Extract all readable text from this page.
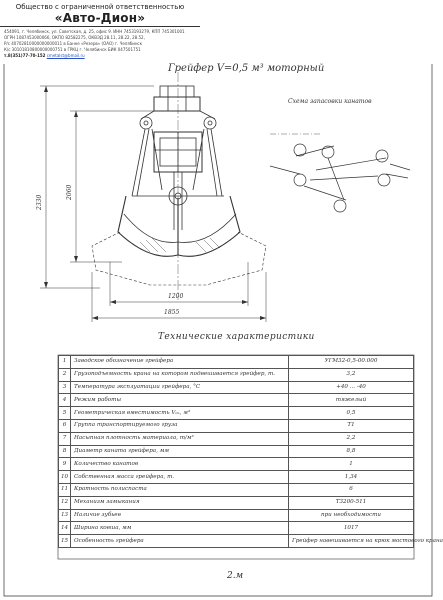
Общество с ограниченной ответственностью
«Авто-Дион»
454091, г. Челябинск, ул. Советская, д. 25, офис 9. ИНН 7453193279, КПП 745301001
ОГРН 1087453000066, ОКПО 82582275, ОКВЭД 28.11, 28.22, 28.52,
Р/с 40702810000000000011 в Банке «Резерв» (ОАО) г. Челябинск
К/с 30101810800000000751 в ГРКЦ г. Челябинск БИК 047501751
т.8(351)77-70-152 cmetalst@bmail.ru
Грейфер V=0,5 м³ моторный
Схема запасовки канатов
2330
2060
1200
1855
Технические характеристики
1	Заводское обозначение грейфера	УГМ32-0,5-00.000
2	Грузоподъемность крана на котором подвешивается грейфер, т.	3,2
3	Температура эксплуатации грейфера, °С	+40 ... -40
4	Режим работы	тяжелый
5	Геометрическая вместимость V₀ₓ, м³	0,5
6	Группа транспортируемого груза	Т1
7	Насыпная плотность материала, т/м³	2,2
8	Диаметр каната грейфера, мм	8,8
9	Количество канатов	1
10	Собственная масса грейфера, т.	1,34
11	Кратность полиспаста	6
12	Механизм замыкания	Т3200-511
13	Наличие зубьев	при необходимости
14	Ширина ковша, мм	1017
15	Особенность грейфера	Грейфер навешивается на крюк мостового крана
2.м
